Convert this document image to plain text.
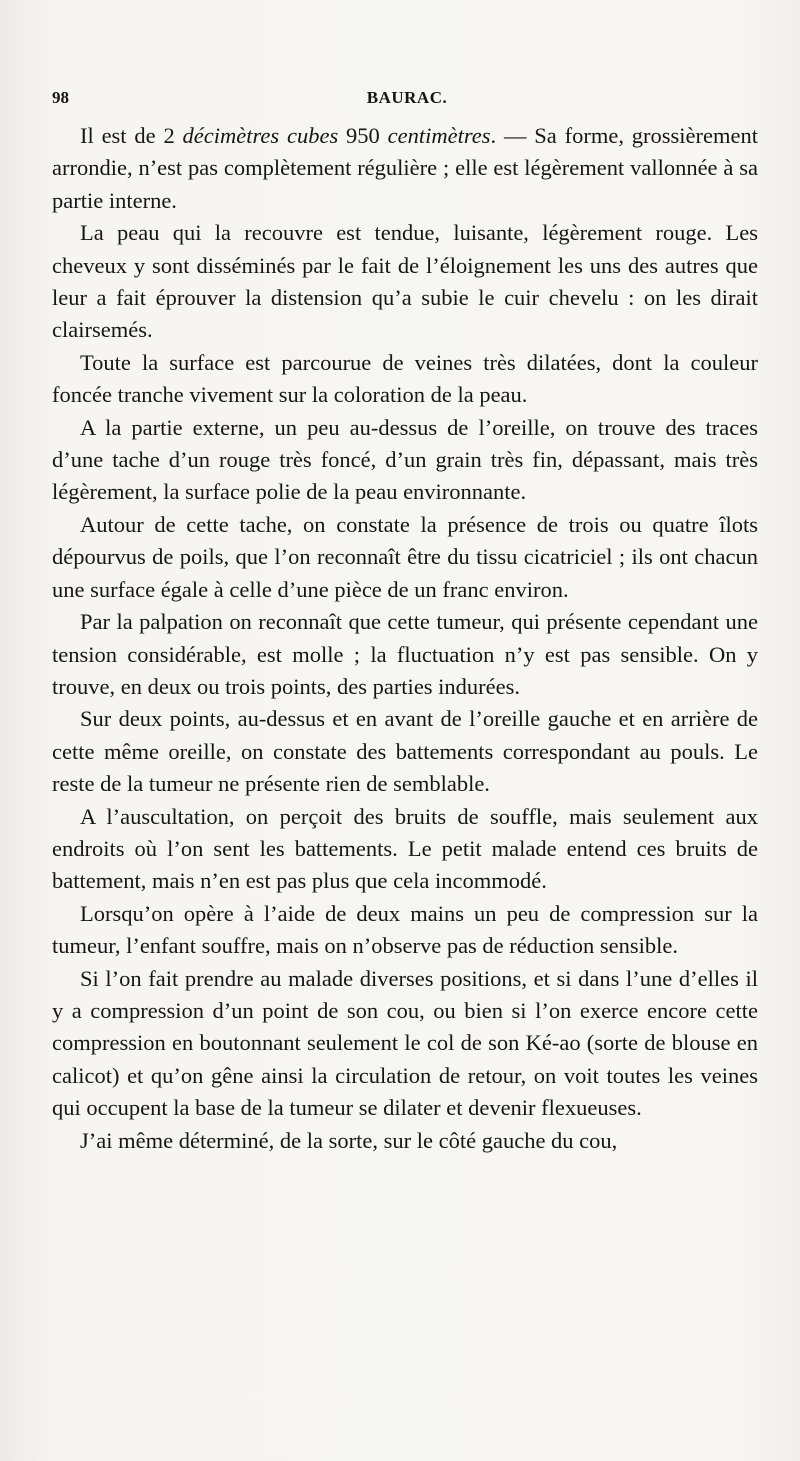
98	BAURAC.

Il est de 2 décimètres cubes 950 centimètres. — Sa forme, grossièrement arrondie, n’est pas complètement régulière ; elle est légèrement vallonnée à sa partie interne.

La peau qui la recouvre est tendue, luisante, légèrement rouge. Les cheveux y sont disséminés par le fait de l’éloignement les uns des autres que leur a fait éprouver la distension qu’a subie le cuir chevelu : on les dirait clairsemés.

Toute la surface est parcourue de veines très dilatées, dont la couleur foncée tranche vivement sur la coloration de la peau.

A la partie externe, un peu au-dessus de l’oreille, on trouve des traces d’une tache d’un rouge très foncé, d’un grain très fin, dépassant, mais très légèrement, la surface polie de la peau environnante.

Autour de cette tache, on constate la présence de trois ou quatre îlots dépourvus de poils, que l’on reconnaît être du tissu cicatriciel ; ils ont chacun une surface égale à celle d’une pièce de un franc environ.

Par la palpation on reconnaît que cette tumeur, qui présente cependant une tension considérable, est molle ; la fluctuation n’y est pas sensible. On y trouve, en deux ou trois points, des parties indurées.

Sur deux points, au-dessus et en avant de l’oreille gauche et en arrière de cette même oreille, on constate des battements correspondant au pouls. Le reste de la tumeur ne présente rien de semblable.

A l’auscultation, on perçoit des bruits de souffle, mais seulement aux endroits où l’on sent les battements. Le petit malade entend ces bruits de battement, mais n’en est pas plus que cela incommodé.

Lorsqu’on opère à l’aide de deux mains un peu de compression sur la tumeur, l’enfant souffre, mais on n’observe pas de réduction sensible.

Si l’on fait prendre au malade diverses positions, et si dans l’une d’elles il y a compression d’un point de son cou, ou bien si l’on exerce encore cette compression en boutonnant seulement le col de son Ké-ao (sorte de blouse en calicot) et qu’on gêne ainsi la circulation de retour, on voit toutes les veines qui occupent la base de la tumeur se dilater et devenir flexueuses.

J’ai même déterminé, de la sorte, sur le côté gauche du cou,
